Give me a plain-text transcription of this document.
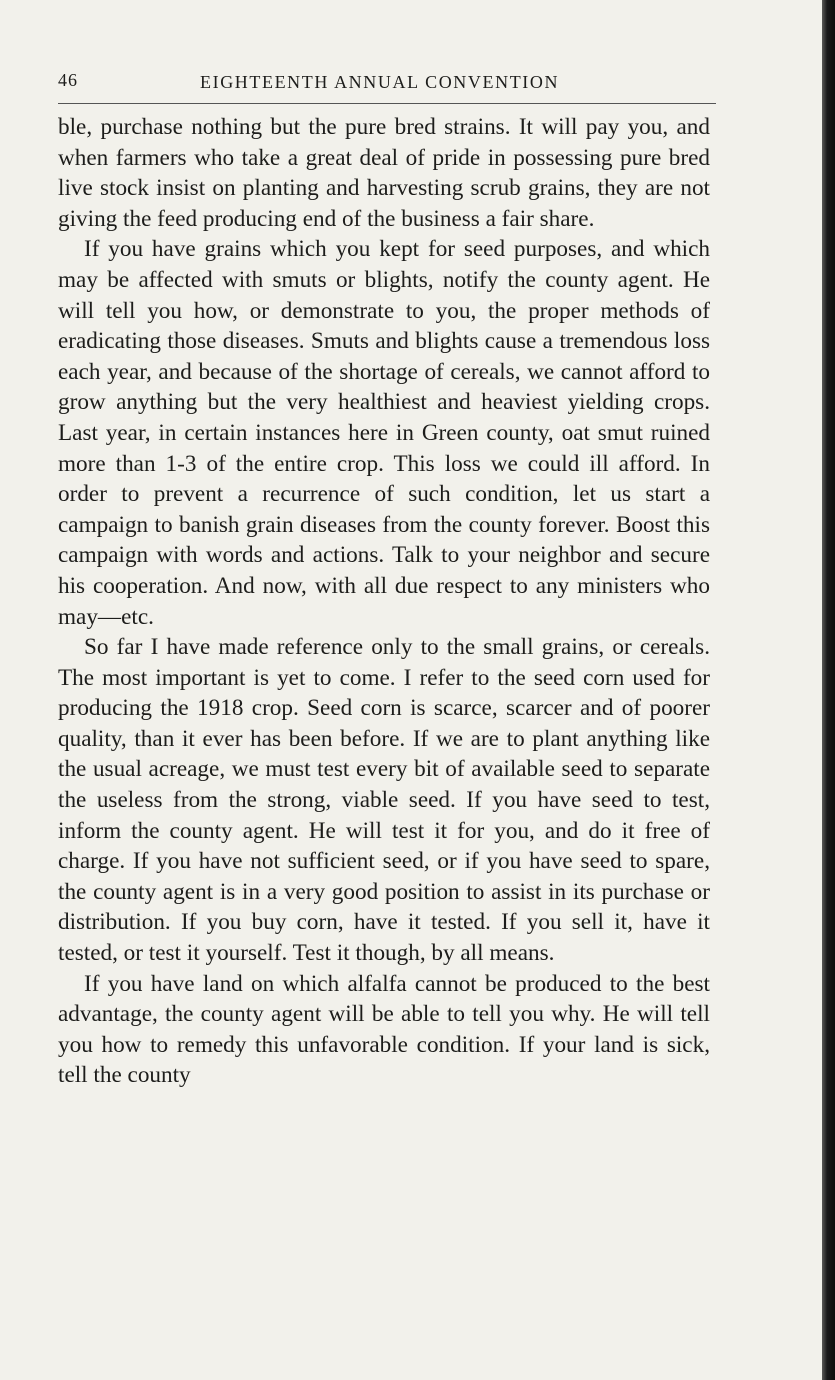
46	EIGHTEENTH ANNUAL CONVENTION

ble, purchase nothing but the pure bred strains. It will pay you, and when farmers who take a great deal of pride in possessing pure bred live stock insist on planting and harvesting scrub grains, they are not giving the feed producing end of the business a fair share.

If you have grains which you kept for seed purposes, and which may be affected with smuts or blights, notify the county agent. He will tell you how, or demonstrate to you, the proper methods of eradicating those diseases. Smuts and blights cause a tremendous loss each year, and because of the shortage of cereals, we cannot afford to grow anything but the very healthiest and heaviest yielding crops. Last year, in certain instances here in Green county, oat smut ruined more than 1-3 of the entire crop. This loss we could ill afford. In order to prevent a recurrence of such condition, let us start a campaign to banish grain diseases from the county forever. Boost this campaign with words and actions. Talk to your neighbor and secure his cooperation. And now, with all due respect to any ministers who may—etc.

So far I have made reference only to the small grains, or cereals. The most important is yet to come. I refer to the seed corn used for producing the 1918 crop. Seed corn is scarce, scarcer and of poorer quality, than it ever has been before. If we are to plant anything like the usual acreage, we must test every bit of available seed to separate the useless from the strong, viable seed. If you have seed to test, inform the county agent. He will test it for you, and do it free of charge. If you have not sufficient seed, or if you have seed to spare, the county agent is in a very good position to assist in its purchase or distribution. If you buy corn, have it tested. If you sell it, have it tested, or test it yourself. Test it though, by all means.

If you have land on which alfalfa cannot be produced to the best advantage, the county agent will be able to tell you why. He will tell you how to remedy this unfavorable condition. If your land is sick, tell the county
